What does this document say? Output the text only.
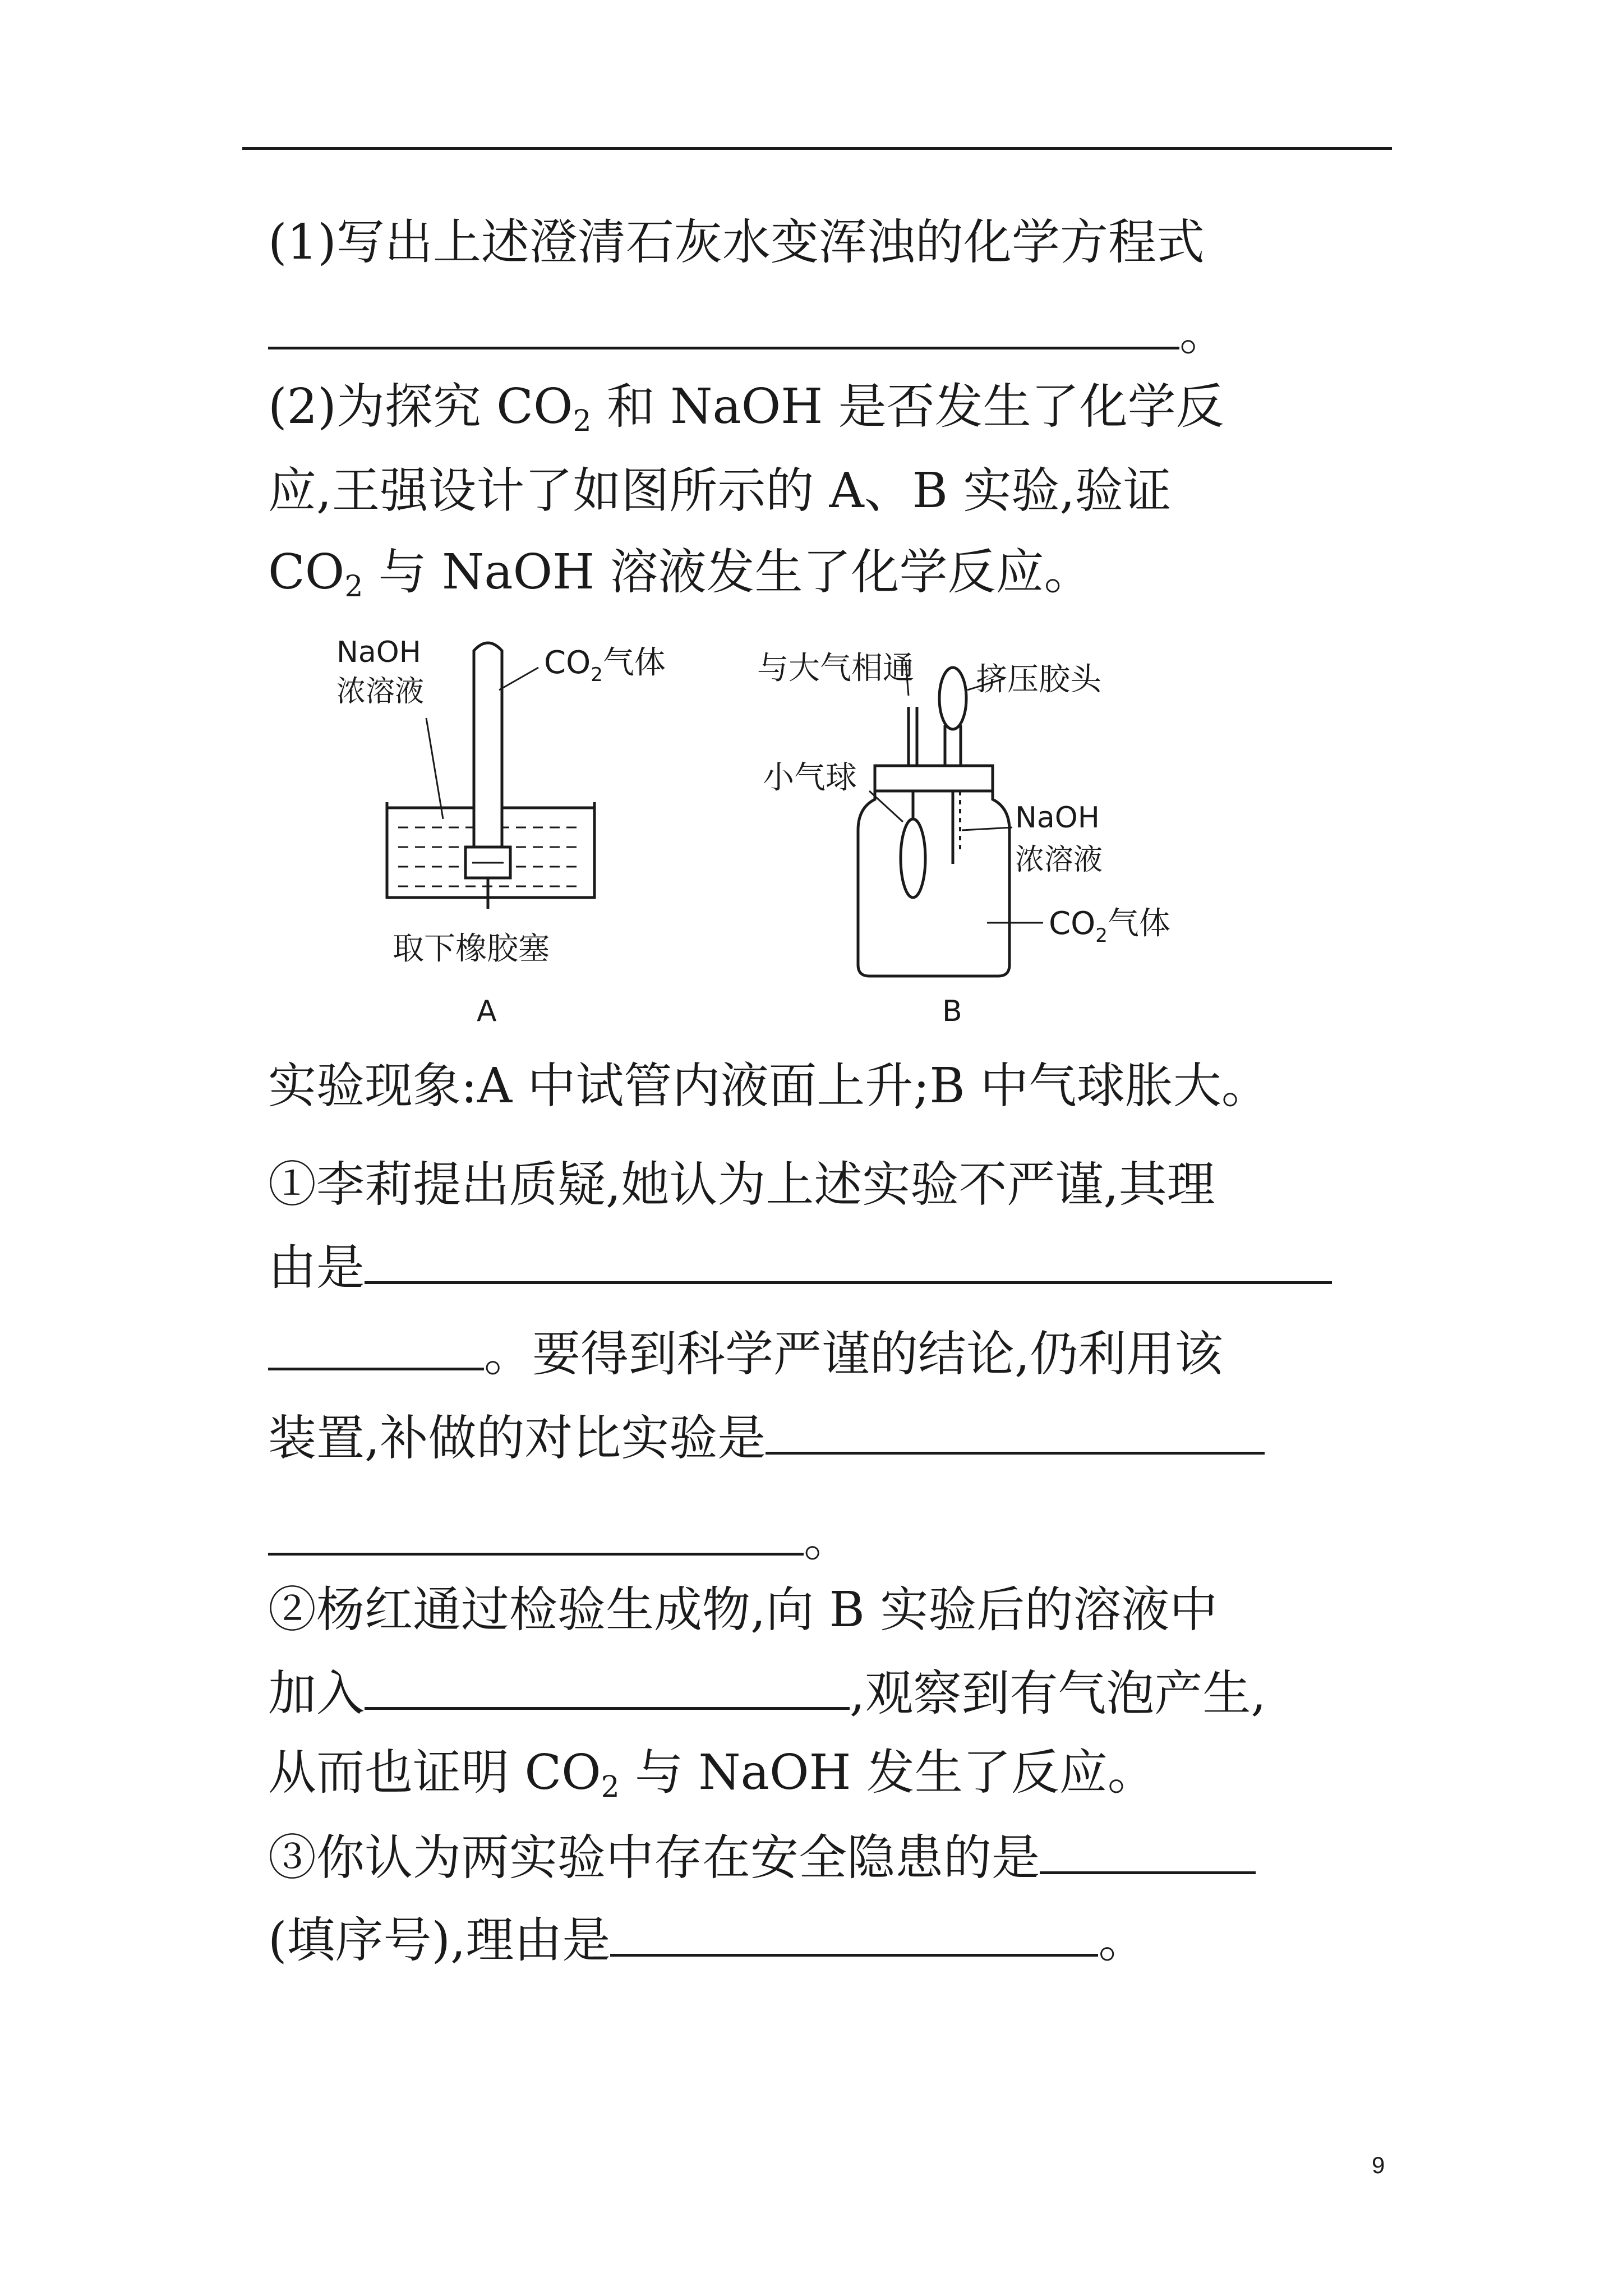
(1)写出上述澄清石灰水变浑浊的化学方程式
。
(2)为探究 CO2 和 NaOH 是否发生了化学反
应,王强设计了如图所示的 A、B 实验,验证
CO2 与 NaOH 溶液发生了化学反应。
NaOH
浓溶液
$CO_2$气体
取下橡胶塞
A
与大气相通 挤压胶头
小气球
NaOH
浓溶液
$CO_2$气体
B
实验现象:A 中试管内液面上升;B 中气球胀大。
①李莉提出质疑,她认为上述实验不严谨,其理
由是
。要得到科学严谨的结论,仍利用该
装置,补做的对比实验是
。
②杨红通过检验生成物,向 B 实验后的溶液中
加入	,观察到有气泡产生,
从而也证明 CO2 与 NaOH 发生了反应。
③你认为两实验中存在安全隐患的是
(填序号),理由是	。
9
